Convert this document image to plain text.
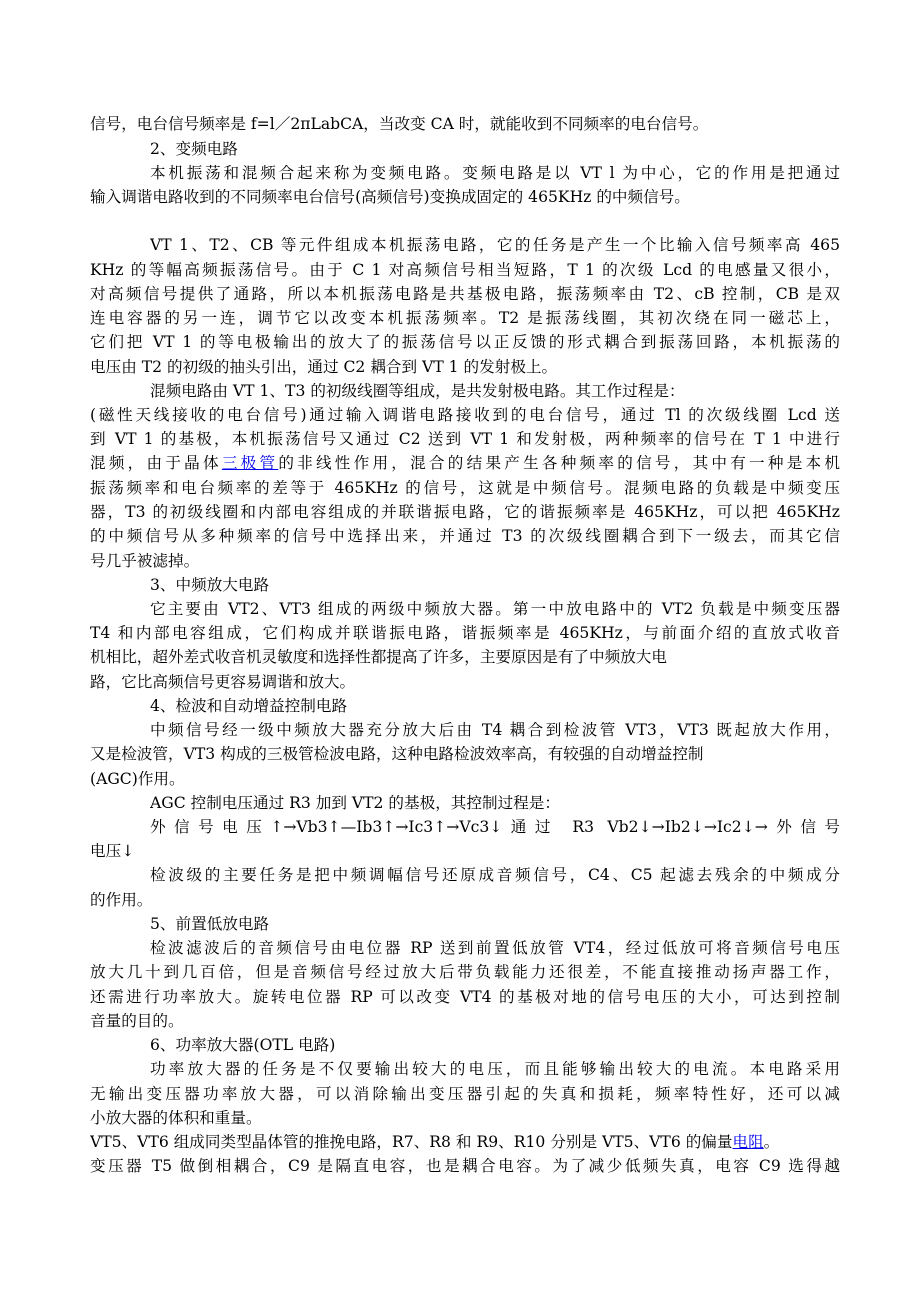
信号，电台信号频率是 f=l／2πLabCA，当改变 CA 时，就能收到不同频率的电台信号。
2、变频电路
本机振荡和混频合起来称为变频电路。变频电路是以 VT l 为中心，它的作用是把通过
输入调谐电路收到的不同频率电台信号(高频信号)变换成固定的 465KHz 的中频信号。
VT 1、T2、CB 等元件组成本机振荡电路，它的任务是产生一个比输入信号频率高 465
KHz 的等幅高频振荡信号。由于 C 1 对高频信号相当短路，T 1 的次级 Lcd 的电感量又很小，
对高频信号提供了通路，所以本机振荡电路是共基极电路，振荡频率由 T2、cB 控制，CB 是双
连电容器的另一连，调节它以改变本机振荡频率。T2 是振荡线圈，其初次绕在同一磁芯上，
它们把 VT 1 的等电极输出的放大了的振荡信号以正反馈的形式耦合到振荡回路，本机振荡的
电压由 T2 的初级的抽头引出，通过 C2 耦合到 VT 1 的发射极上。
混频电路由 VT 1、T3 的初级线圈等组成，是共发射极电路。其工作过程是：
(磁性天线接收的电台信号)通过输入调谐电路接收到的电台信号，通过 Tl 的次级线圈 Lcd 送
到 VT 1 的基极，本机振荡信号又通过 C2 送到 VT 1 和发射极，两种频率的信号在 T 1 中进行
混频，由于晶体三极管的非线性作用，混合的结果产生各种频率的信号，其中有一种是本机
振荡频率和电台频率的差等于 465KHz 的信号，这就是中频信号。混频电路的负载是中频变压
器，T3 的初级线圈和内部电容组成的并联谐振电路，它的谐振频率是 465KHz，可以把 465KHz
的中频信号从多种频率的信号中选择出来，并通过 T3 的次级线圈耦合到下一级去，而其它信
号几乎被滤掉。
3、中频放大电路
它主要由 VT2、VT3 组成的两级中频放大器。第一中放电路中的 VT2 负载是中频变压器
T4 和内部电容组成，它们构成并联谐振电路，谐振频率是 465KHz，与前面介绍的直放式收音
机相比，超外差式收音机灵敏度和选择性都提高了许多，主要原因是有了中频放大电
路，它比高频信号更容易调谐和放大。
4、检波和自动增益控制电路
中频信号经一级中频放大器充分放大后由 T4 耦合到检波管 VT3，VT3 既起放大作用，
又是检波管，VT3 构成的三极管检波电路，这种电路检波效率高，有较强的自动增益控制
(AGC)作用。
AGC 控制电压通过 R3 加到 VT2 的基极，其控制过程是：
外信号电压↑→Vb3↑—Ib3↑→Ic3↑→Vc3↓通过 R3 Vb2↓→Ib2↓→Ic2↓→外信号
电压↓
检波级的主要任务是把中频调幅信号还原成音频信号，C4、C5 起滤去残余的中频成分
的作用。
5、前置低放电路
检波滤波后的音频信号由电位器 RP 送到前置低放管 VT4，经过低放可将音频信号电压
放大几十到几百倍，但是音频信号经过放大后带负载能力还很差，不能直接推动扬声器工作，
还需进行功率放大。旋转电位器 RP 可以改变 VT4 的基极对地的信号电压的大小，可达到控制
音量的目的。
6、功率放大器(OTL 电路)
功率放大器的任务是不仅要输出较大的电压，而且能够输出较大的电流。本电路采用
无输出变压器功率放大器，可以消除输出变压器引起的失真和损耗，频率特性好，还可以减
小放大器的体积和重量。
VT5、VT6 组成同类型晶体管的推挽电路，R7、R8 和 R9、R10 分别是 VT5、VT6 的偏量电阻。
变压器 T5 做倒相耦合，C9 是隔直电容，也是耦合电容。为了减少低频失真，电容 C9 选得越
